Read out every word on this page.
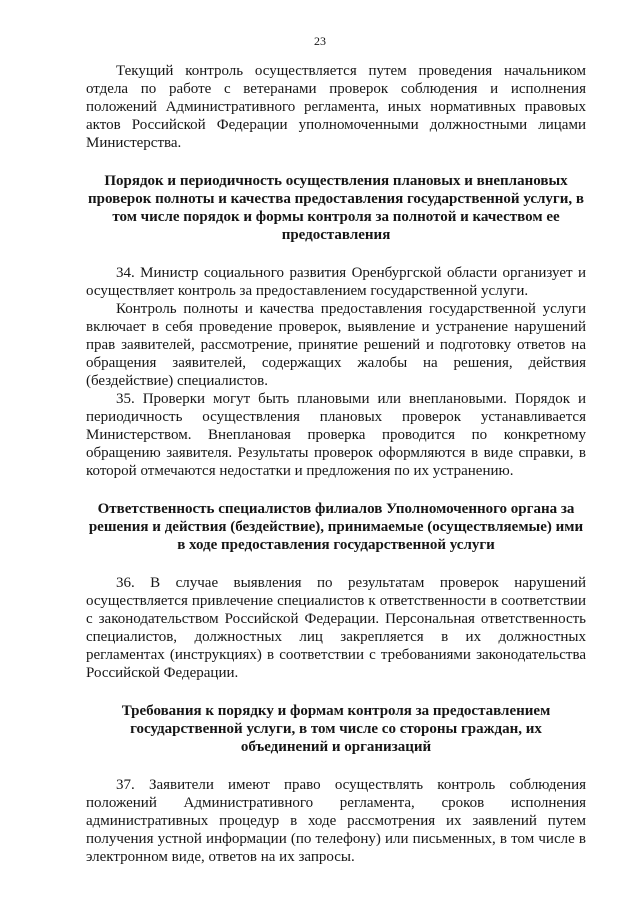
23

Текущий контроль осуществляется путем проведения начальником отдела по работе с ветеранами проверок соблюдения и исполнения положений Административного регламента, иных нормативных правовых актов Российской Федерации уполномоченными должностными лицами Министерства.

Порядок и периодичность осуществления плановых и внеплановых проверок полноты и качества предоставления государственной услуги, в том числе порядок и формы контроля за полнотой и качеством ее предоставления

34. Министр социального развития Оренбургской области организует и осуществляет контроль за предоставлением государственной услуги.

Контроль полноты и качества предоставления государственной услуги включает в себя проведение проверок, выявление и устранение нарушений прав заявителей, рассмотрение, принятие решений и подготовку ответов на обращения заявителей, содержащих жалобы на решения, действия (бездействие) специалистов.

35. Проверки могут быть плановыми или внеплановыми. Порядок и периодичность осуществления плановых проверок устанавливается Министерством. Внеплановая проверка проводится по конкретному обращению заявителя. Результаты проверок оформляются в виде справки, в которой отмечаются недостатки и предложения по их устранению.

Ответственность специалистов филиалов Уполномоченного органа за решения и действия (бездействие), принимаемые (осуществляемые) ими в ходе предоставления государственной услуги

36. В случае выявления по результатам проверок нарушений осуществляется привлечение специалистов к ответственности в соответствии с законодательством Российской Федерации. Персональная ответственность специалистов, должностных лиц закрепляется в их должностных регламентах (инструкциях) в соответствии с требованиями законодательства Российской Федерации.

Требования к порядку и формам контроля за предоставлением государственной услуги, в том числе со стороны граждан, их объединений и организаций

37. Заявители имеют право осуществлять контроль соблюдения положений Административного регламента, сроков исполнения административных процедур в ходе рассмотрения их заявлений путем получения устной информации (по телефону) или письменных, в том числе в электронном виде, ответов на их запросы.
